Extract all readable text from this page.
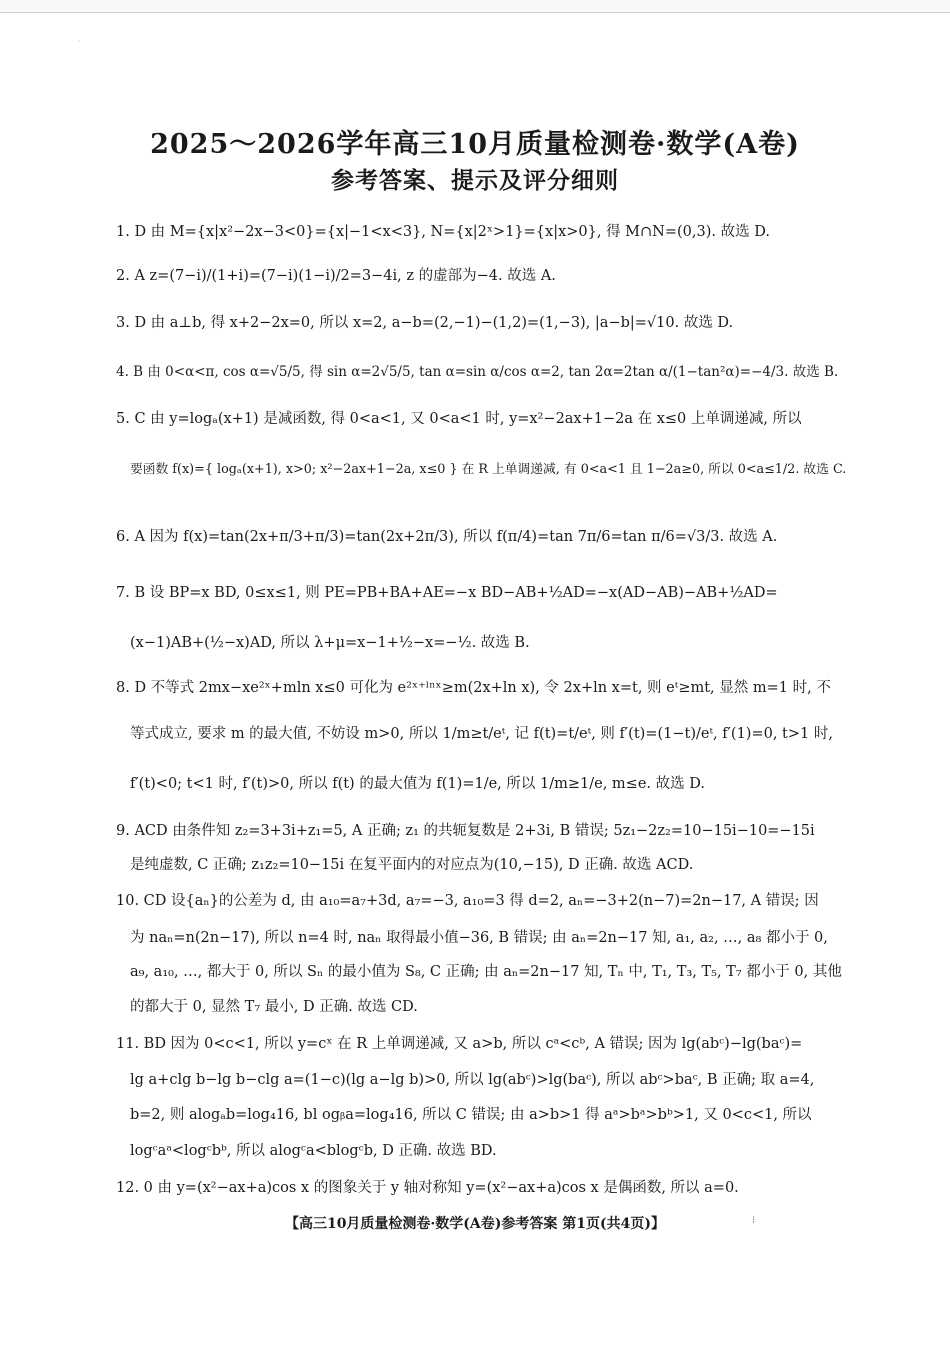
′
2025～2026学年高三10月质量检测卷·数学(A卷)
参考答案、提示及评分细则
1. D 由 M={x|x²−2x−3<0}={x|−1<x<3}, N={x|2ˣ>1}={x|x>0}, 得 M∩N=(0,3). 故选 D.
2. A z=(7−i)/(1+i)=(7−i)(1−i)/2=3−4i, z 的虚部为−4. 故选 A.
3. D 由 a⊥b, 得 x+2−2x=0, 所以 x=2, a−b=(2,−1)−(1,2)=(1,−3), |a−b|=√10. 故选 D.
4. B 由 0<α<π, cos α=√5/5, 得 sin α=2√5/5, tan α=sin α/cos α=2, tan 2α=2tan α/(1−tan²α)=−4/3. 故选 B.
5. C 由 y=logₐ(x+1) 是减函数, 得 0<a<1, 又 0<a<1 时, y=x²−2ax+1−2a 在 x≤0 上单调递减, 所以
要函数 f(x)={ logₐ(x+1), x>0; x²−2ax+1−2a, x≤0 } 在 R 上单调递减, 有 0<a<1 且 1−2a≥0, 所以 0<a≤1/2. 故选 C.
6. A 因为 f(x)=tan(2x+π/3+π/3)=tan(2x+2π/3), 所以 f(π/4)=tan 7π/6=tan π/6=√3/3. 故选 A.
7. B 设 BP=x BD, 0≤x≤1, 则 PE=PB+BA+AE=−x BD−AB+½AD=−x(AD−AB)−AB+½AD=
(x−1)AB+(½−x)AD, 所以 λ+μ=x−1+½−x=−½. 故选 B.
8. D 不等式 2mx−xe²ˣ+mln x≤0 可化为 e²ˣ⁺ˡⁿˣ≥m(2x+ln x), 令 2x+ln x=t, 则 eᵗ≥mt, 显然 m=1 时, 不
等式成立, 要求 m 的最大值, 不妨设 m>0, 所以 1/m≥t/eᵗ, 记 f(t)=t/eᵗ, 则 f′(t)=(1−t)/eᵗ, f′(1)=0, t>1 时,
f′(t)<0; t<1 时, f′(t)>0, 所以 f(t) 的最大值为 f(1)=1/e, 所以 1/m≥1/e, m≤e. 故选 D.
9. ACD 由条件知 z₂=3+3i+z₁=5, A 正确; z₁ 的共轭复数是 2+3i, B 错误; 5z₁−2z₂=10−15i−10=−15i
是纯虚数, C 正确; z₁z₂=10−15i 在复平面内的对应点为(10,−15), D 正确. 故选 ACD.
10. CD 设{aₙ}的公差为 d, 由 a₁₀=a₇+3d, a₇=−3, a₁₀=3 得 d=2, aₙ=−3+2(n−7)=2n−17, A 错误; 因
为 naₙ=n(2n−17), 所以 n=4 时, naₙ 取得最小值−36, B 错误; 由 aₙ=2n−17 知, a₁, a₂, …, a₈ 都小于 0,
a₉, a₁₀, …, 都大于 0, 所以 Sₙ 的最小值为 S₈, C 正确; 由 aₙ=2n−17 知, Tₙ 中, T₁, T₃, T₅, T₇ 都小于 0, 其他
的都大于 0, 显然 T₇ 最小, D 正确. 故选 CD.
11. BD 因为 0<c<1, 所以 y=cˣ 在 R 上单调递减, 又 a>b, 所以 cᵃ<cᵇ, A 错误; 因为 lg(abᶜ)−lg(baᶜ)=
lg a+clg b−lg b−clg a=(1−c)(lg a−lg b)>0, 所以 lg(abᶜ)>lg(baᶜ), 所以 abᶜ>baᶜ, B 正确; 取 a=4,
b=2, 则 alogₐb=log₄16, bl ogᵦa=log₄16, 所以 C 错误; 由 a>b>1 得 aᵃ>bᵃ>bᵇ>1, 又 0<c<1, 所以
logᶜaᵃ<logᶜbᵇ, 所以 alogᶜa<blogᶜb, D 正确. 故选 BD.
12. 0 由 y=(x²−ax+a)cos x 的图象关于 y 轴对称知 y=(x²−ax+a)cos x 是偶函数, 所以 a=0.
【高三10月质量检测卷·数学(A卷)参考答案 第1页(共4页)】	⁝
